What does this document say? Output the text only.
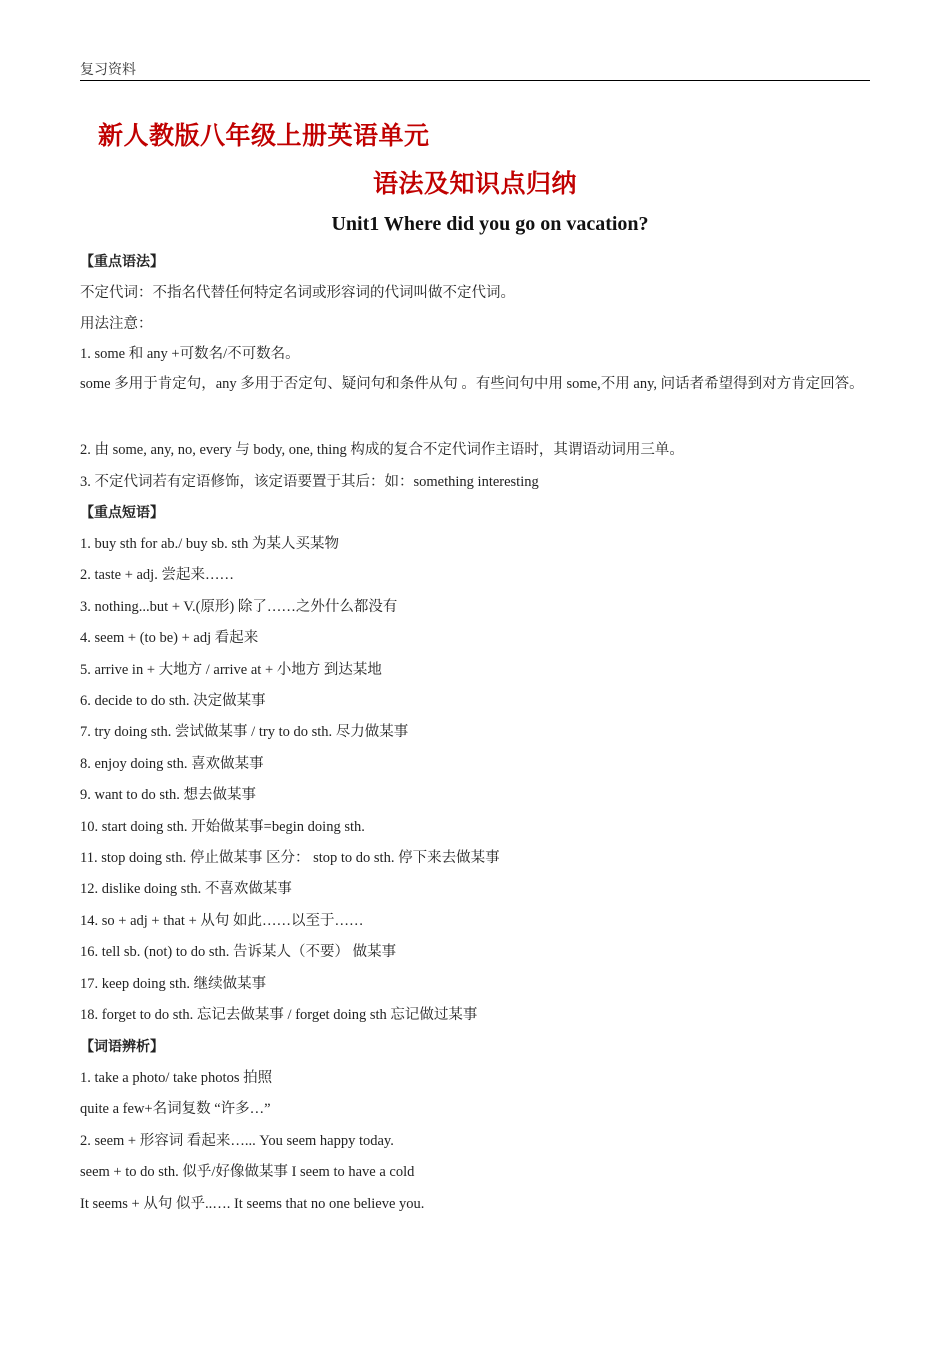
复习资料
新人教版八年级上册英语单元
语法及知识点归纳
Unit1 Where did you go on vacation?
【重点语法】
不定代词：不指名代替任何特定名词或形容词的代词叫做不定代词。
用法注意：
1. some 和 any +可数名/不可数名。
some 多用于肯定句，any 多用于否定句、疑问句和条件从句 。有些问句中用 some,不用 any, 问话者希望得到对方肯定回答。
2. 由 some, any, no, every 与 body, one, thing 构成的复合不定代词作主语时，其谓语动词用三单。
3. 不定代词若有定语修饰，该定语要置于其后：如：something interesting
【重点短语】
1. buy sth for ab./ buy sb. sth 为某人买某物
2. taste + adj. 尝起来……
3. nothing...but + V.(原形) 除了……之外什么都没有
4. seem + (to be) + adj 看起来
5. arrive in + 大地方 / arrive at + 小地方 到达某地
6. decide to do sth. 决定做某事
7. try doing sth. 尝试做某事 / try to do sth. 尽力做某事
8. enjoy doing sth. 喜欢做某事
9. want to do sth. 想去做某事
10. start doing sth. 开始做某事=begin doing sth.
11. stop doing sth. 停止做某事 区分： stop to do sth. 停下来去做某事
12. dislike doing sth. 不喜欢做某事
14. so + adj + that + 从句 如此……以至于……
16. tell sb. (not) to do sth. 告诉某人（不要） 做某事
17. keep doing sth. 继续做某事
18. forget to do sth. 忘记去做某事 / forget doing sth 忘记做过某事
【词语辨析】
1. take a photo/ take photos 拍照
quite a few+名词复数 “许多…”
2. seem + 形容词 看起来…... You seem happy today.
seem + to do sth. 似乎/好像做某事 I seem to have a cold
It seems + 从句 似乎..…. It seems that no one believe you.
